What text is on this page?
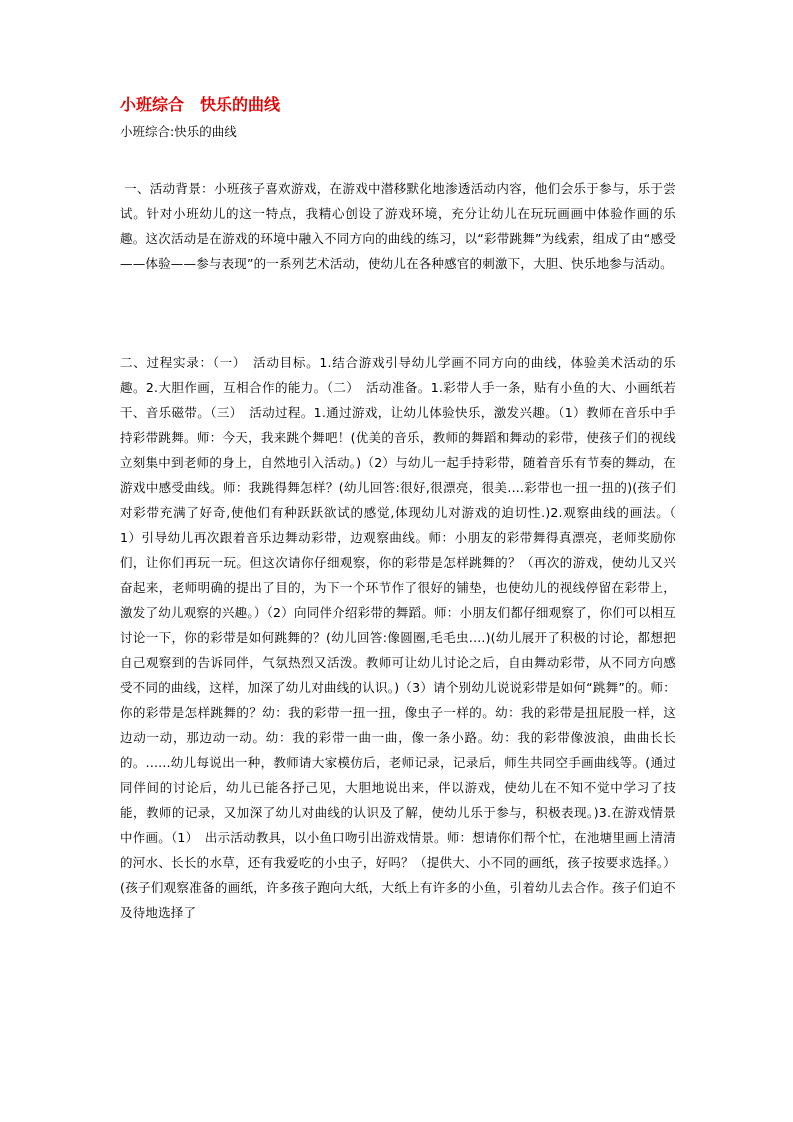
小班综合　快乐的曲线
小班综合:快乐的曲线
一、活动背景：小班孩子喜欢游戏，在游戏中潜移默化地渗透活动内容，他们会乐于参与，乐于尝试。针对小班幼儿的这一特点，我精心创设了游戏环境，充分让幼儿在玩玩画画中体验作画的乐趣。这次活动是在游戏的环境中融入不同方向的曲线的练习，以“彩带跳舞”为线索，组成了由“感受——体验——参与表现”的一系列艺术活动，使幼儿在各种感官的刺激下，大胆、快乐地参与活动。
二、过程实录：（一）　活动目标。1.结合游戏引导幼儿学画不同方向的曲线，体验美术活动的乐趣。2.大胆作画，互相合作的能力。（二）　活动准备。1.彩带人手一条，贴有小鱼的大、小画纸若干、音乐磁带。（三）　活动过程。1.通过游戏，让幼儿体验快乐，激发兴趣。（1）教师在音乐中手持彩带跳舞。师：今天，我来跳个舞吧！(优美的音乐，教师的舞蹈和舞动的彩带，使孩子们的视线立刻集中到老师的身上，自然地引入活动。)（2）与幼儿一起手持彩带，随着音乐有节奏的舞动，在游戏中感受曲线。师：我跳得舞怎样？(幼儿回答:很好,很漂亮，很美....彩带也一扭一扭的)(孩子们对彩带充满了好奇,使他们有种跃跃欲试的感觉,体现幼儿对游戏的迫切性.)2.观察曲线的画法。（　1）引导幼儿再次跟着音乐边舞动彩带，边观察曲线。师：小朋友的彩带舞得真漂亮，老师奖励你们，让你们再玩一玩。但这次请你仔细观察，你的彩带是怎样跳舞的？（再次的游戏，使幼儿又兴奋起来，老师明确的提出了目的，为下一个环节作了很好的铺垫，也使幼儿的视线停留在彩带上，激发了幼儿观察的兴趣。）（2）向同伴介绍彩带的舞蹈。师：小朋友们都仔细观察了，你们可以相互讨论一下，你的彩带是如何跳舞的？(幼儿回答:像圆圈,毛毛虫....)(幼儿展开了积极的讨论，都想把自己观察到的告诉同伴，气氛热烈又活泼。教师可让幼儿讨论之后，自由舞动彩带，从不同方向感受不同的曲线，这样，加深了幼儿对曲线的认识。)（3）请个别幼儿说说彩带是如何“跳舞”的。师：你的彩带是怎样跳舞的？幼：我的彩带一扭一扭，像虫子一样的。幼：我的彩带是扭屁股一样，这边动一动，那边动一动。幼：我的彩带一曲一曲，像一条小路。幼：我的彩带像波浪，曲曲长长的。......幼儿每说出一种，教师请大家模仿后，老师记录，记录后，师生共同空手画曲线等。(通过同伴间的讨论后，幼儿已能各抒己见，大胆地说出来，伴以游戏，使幼儿在不知不觉中学习了技能，教师的记录，又加深了幼儿对曲线的认识及了解，使幼儿乐于参与，积极表现。)3.在游戏情景中作画。（1）　出示活动教具，以小鱼口吻引出游戏情景。师：想请你们帮个忙，在池塘里画上清清的河水、长长的水草，还有我爱吃的小虫子，好吗？（提供大、小不同的画纸，孩子按要求选择。）(孩子们观察准备的画纸，许多孩子跑向大纸，大纸上有许多的小鱼，引着幼儿去合作。孩子们迫不及待地选择了
